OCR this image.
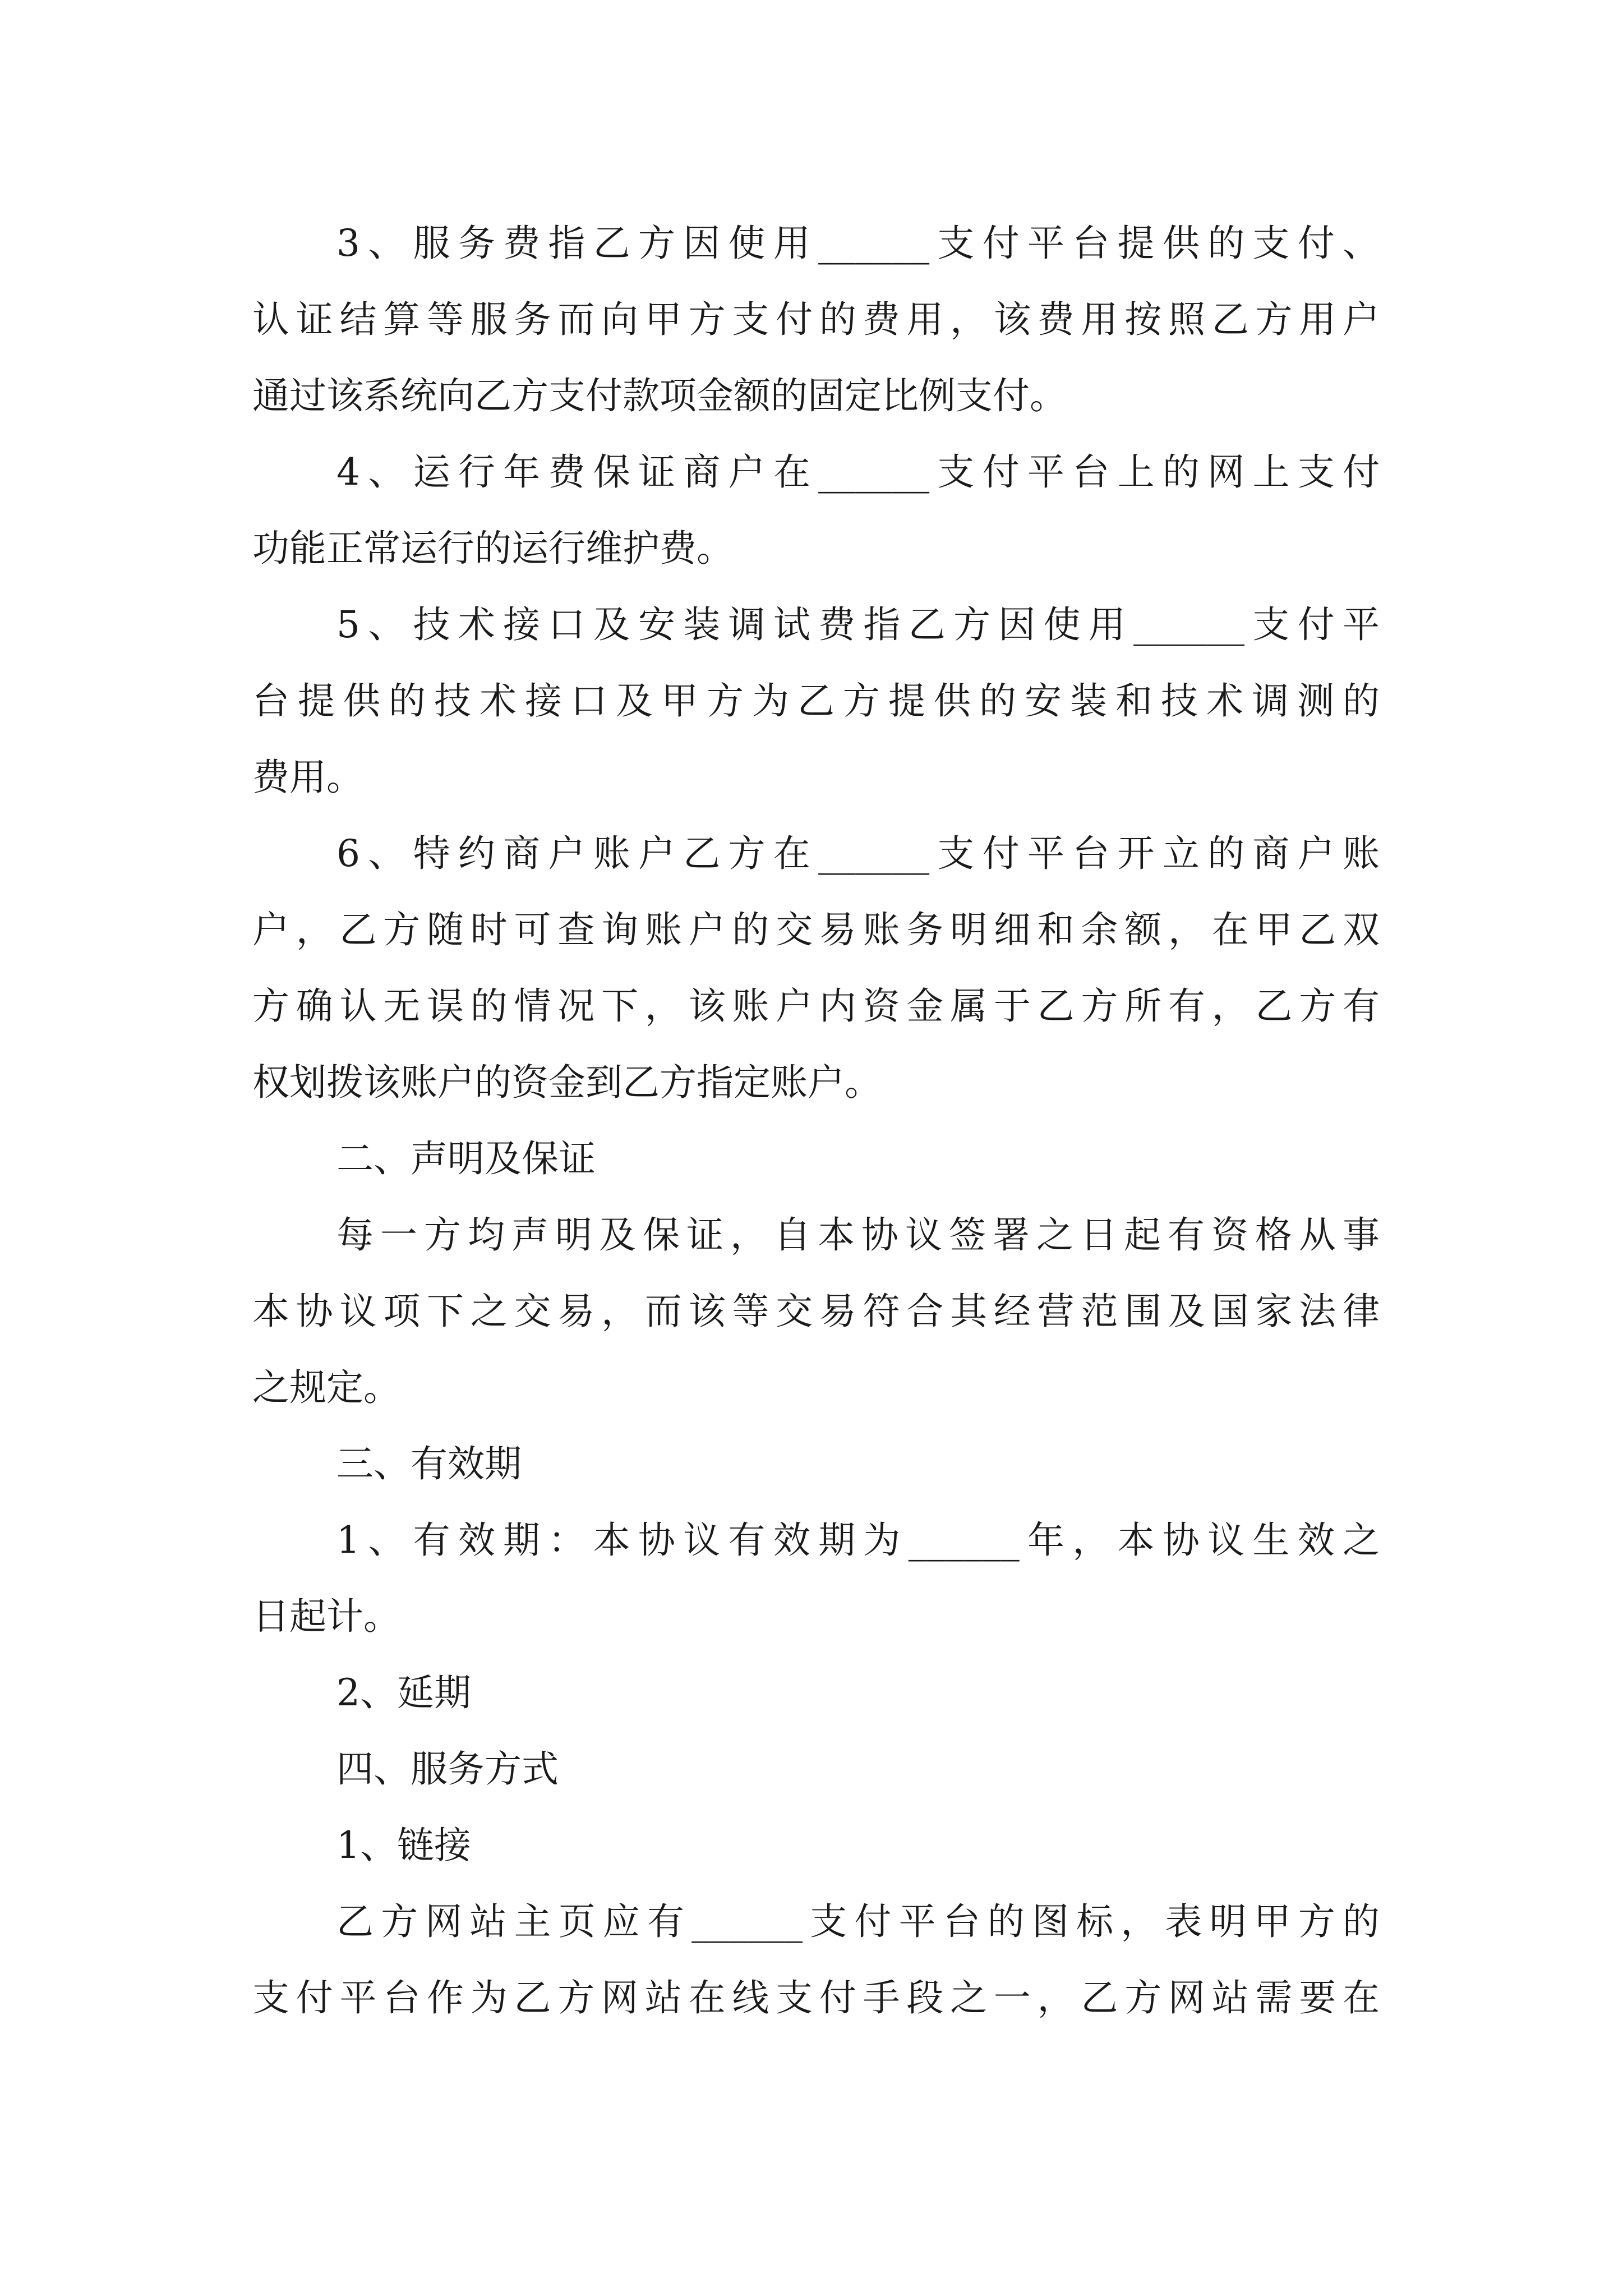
3、服务费指乙方因使用______支付平台提供的支付、
认证结算等服务而向甲方支付的费用，该费用按照乙方用户
通过该系统向乙方支付款项金额的固定比例支付。
4、运行年费保证商户在______支付平台上的网上支付
功能正常运行的运行维护费。
5、技术接口及安装调试费指乙方因使用______支付平
台提供的技术接口及甲方为乙方提供的安装和技术调测的
费用。
6、特约商户账户乙方在______支付平台开立的商户账
户，乙方随时可查询账户的交易账务明细和余额，在甲乙双
方确认无误的情况下，该账户内资金属于乙方所有，乙方有
权划拨该账户的资金到乙方指定账户。
二、声明及保证
每一方均声明及保证，自本协议签署之日起有资格从事
本协议项下之交易，而该等交易符合其经营范围及国家法律
之规定。
三、有效期
1、有效期：本协议有效期为______年，本协议生效之
日起计。
2、延期
四、服务方式
1、链接
乙方网站主页应有______支付平台的图标，表明甲方的
支付平台作为乙方网站在线支付手段之一，乙方网站需要在
